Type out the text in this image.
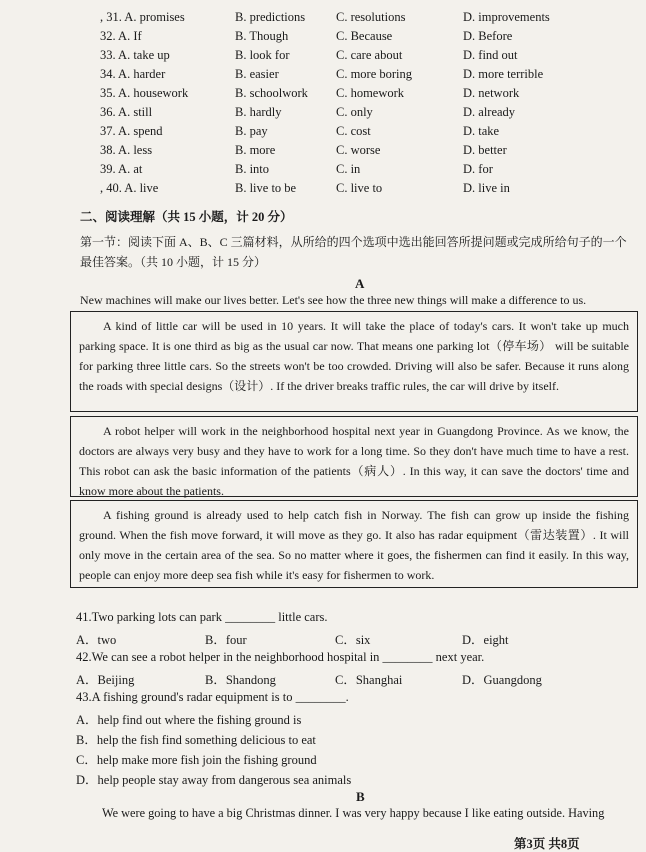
, 31. A. promises	B. predictions C. resolutions	D. improvements
32. A. If	B. Though	C. Because	D. Before
33. A. take up	B. look for	C. care about	D. find out
34. A. harder	B. easier	C. more boring	D. more terrible
35. A. housework	B. schoolwork C. homework	D. network
36. A. still	B. hardly	C. only	D. already
37. A. spend	B. pay	C. cost	D. take
38. A. less	B. more	C. worse	D. better
39. A. at	B. into	C. in	D. for
, 40. A. live	B. live to be	C. live to	D. live in
二、阅读理解（共 15 小题，计 20 分）
第一节：阅读下面 A、B、C 三篇材料，从所给的四个选项中选出能回答所提问题或完成所给句子的一个
最佳答案。（共 10 小题，计 15 分）
A
New machines will make our lives better. Let's see how the three new things will make a difference to us.

A kind of little car will be used in 10 years. It will take the place of today's cars. It won't take up much parking space. It is one third as big as the usual car now. That means one parking lot（停车场） will be suitable for parking three little cars. So the streets won't be too crowded. Driving will also be safer. Because it runs along the roads with special designs（设计）. If the driver breaks traffic rules, the car will drive by itself.

A robot helper will work in the neighborhood hospital next year in Guangdong Province. As we know, the doctors are always very busy and they have to work for a long time. So they don't have much time to have a rest. This robot can ask the basic information of the patients（病人）. In this way, it can save the doctors' time and know more about the patients.

A fishing ground is already used to help catch fish in Norway. The fish can grow up inside the fishing ground. When the fish move forward, it will move as they go. It also has radar equipment（雷达装置）. It will only move in the certain area of the sea. So no matter where it goes, the fishermen can find it easily. In this way, people can enjoy more deep sea fish while it's easy for fishermen to work.

41.Two parking lots can park ________ little cars.
A．two	B．four	C．six	D．eight
42.We can see a robot helper in the neighborhood hospital in ________ next year.
A．Beijing	B．Shandong	C．Shanghai	D．Guangdong
43.A fishing ground's radar equipment is to ________.
A．help find out where the fishing ground is
B．help the fish find something delicious to eat
C．help make more fish join the fishing ground
D．help people stay away from dangerous sea animals
B
We were going to have a big Christmas dinner. I was very happy because I like eating outside. Having
第3页 共8页
